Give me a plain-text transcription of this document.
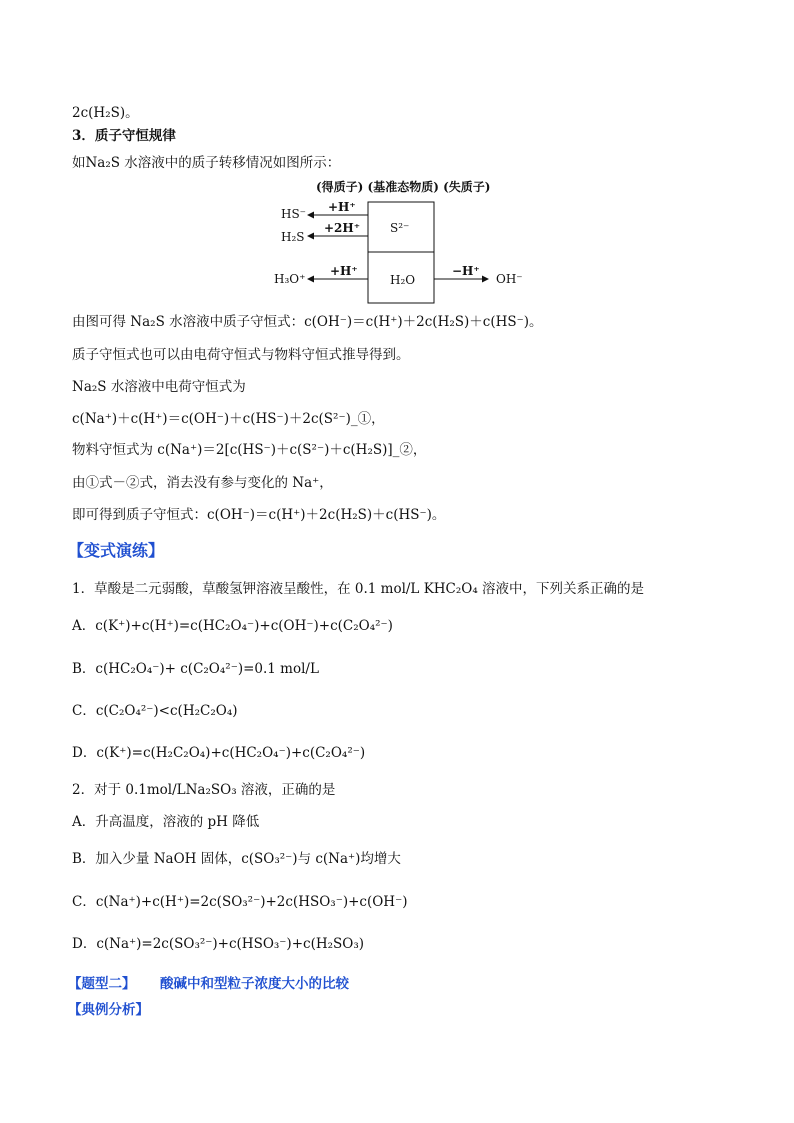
2c(H₂S)。
3．质子守恒规律
如Na₂S 水溶液中的质子转移情况如图所示：
(得质子) (基准态物质) (失质子)
HS⁻
H₂S
H₃O⁺	OH⁻
S²⁻
H₂O
+H⁺
+2H⁺
+H⁺	−H⁺
由图可得 Na₂S 水溶液中质子守恒式：c(OH⁻)＝c(H⁺)＋2c(H₂S)＋c(HS⁻)。
质子守恒式也可以由电荷守恒式与物料守恒式推导得到。
Na₂S 水溶液中电荷守恒式为
c(Na⁺)＋c(H⁺)＝c(OH⁻)＋c(HS⁻)＋2c(S²⁻)_①，
物料守恒式为 c(Na⁺)＝2[c(HS⁻)＋c(S²⁻)＋c(H₂S)]_②，
由①式－②式，消去没有参与变化的 Na⁺，
即可得到质子守恒式：c(OH⁻)＝c(H⁺)＋2c(H₂S)＋c(HS⁻)。
【变式演练】
1．草酸是二元弱酸，草酸氢钾溶液呈酸性，在 0.1 mol/L KHC₂O₄ 溶液中，下列关系正确的是
A．c(K⁺)+c(H⁺)=c(HC₂O₄⁻)+c(OH⁻)+c(C₂O₄²⁻)
B．c(HC₂O₄⁻)+ c(C₂O₄²⁻)=0.1 mol/L
C．c(C₂O₄²⁻)<c(H₂C₂O₄)
D．c(K⁺)=c(H₂C₂O₄)+c(HC₂O₄⁻)+c(C₂O₄²⁻)
2．对于 0.1mol/LNa₂SO₃ 溶液，正确的是
A．升高温度，溶液的 pH 降低
B．加入少量 NaOH 固体，c(SO₃²⁻)与 c(Na⁺)均增大
C．c(Na⁺)+c(H⁺)=2c(SO₃²⁻)+2c(HSO₃⁻)+c(OH⁻)
D．c(Na⁺)=2c(SO₃²⁻)+c(HSO₃⁻)+c(H₂SO₃)
【题型二】 酸碱中和型粒子浓度大小的比较
【典例分析】
